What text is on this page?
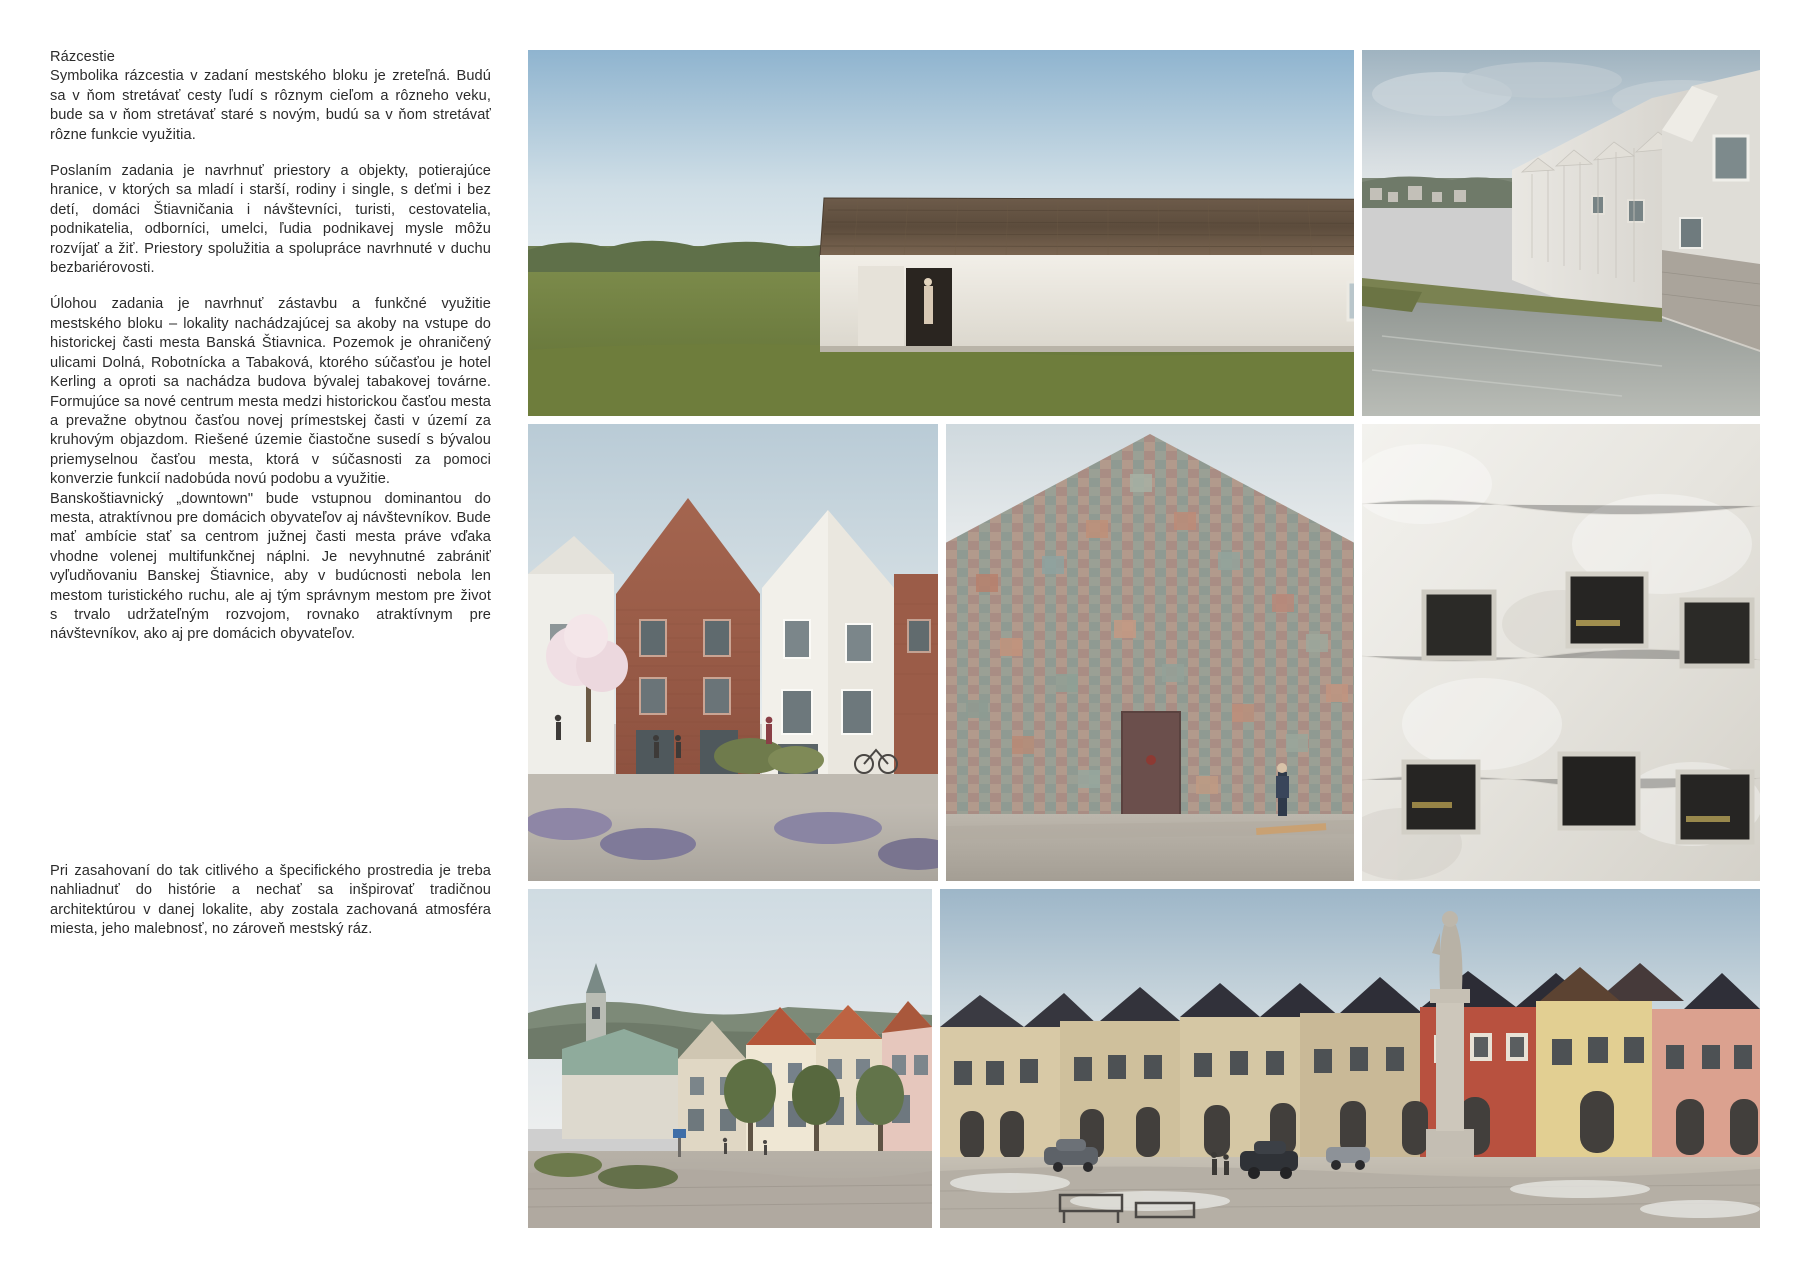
Rázcestie

Symbolika rázcestia v zadaní mestského bloku je zreteľná. Budú sa v ňom stretávať cesty ľudí s rôznym cieľom a rôzneho veku, bude sa v ňom stretávať staré s novým, budú sa v ňom stretávať rôzne funkcie využitia.

Poslaním zadania je navrhnuť priestory a objekty, potierajúce hranice, v ktorých sa mladí i starší, rodiny i single, s deťmi i bez detí, domáci Štiavničania i návštevníci, turisti, cestovatelia, podnikatelia, odborníci, umelci, ľudia podnikavej mysle môžu rozvíjať a žiť. Priestory spolužitia a spolupráce navrhnuté v duchu bezbariérovosti.

Úlohou zadania je navrhnuť zástavbu a funkčné využitie mestského bloku – lokality nachádzajúcej sa akoby na vstupe do historickej časti mesta Banská Štiavnica. Pozemok je ohraničený ulicami Dolná, Robotnícka a Tabaková, ktorého súčasťou je hotel Kerling a oproti sa nachádza budova bývalej tabakovej továrne. Formujúce sa nové centrum mesta medzi historickou časťou mesta a prevažne obytnou časťou novej prímestskej časti v území za kruhovým objazdom. Riešené územie čiastočne susedí s bývalou priemyselnou časťou mesta, ktorá v súčasnosti za pomoci konverzie funkcií nadobúda novú podobu a využitie.

Banskoštiavnický „downtown" bude vstupnou dominantou do mesta, atraktívnou pre domácich obyvateľov aj návštevníkov. Bude mať ambície stať sa centrom južnej časti mesta práve vďaka vhodne volenej multifunkčnej náplni. Je nevyhnutné zabrániť vyľudňovaniu Banskej Štiavnice, aby v budúcnosti nebola len mestom turistického ruchu, ale aj tým správnym mestom pre život s trvalo udržateľným rozvojom, rovnako atraktívnym pre návštevníkov, ako aj pre domácich obyvateľov.

Pri zasahovaní do tak citlivého a špecifického prostredia je treba nahliadnuť do histórie a nechať sa inšpirovať tradičnou architektúrou v danej lokalite, aby zostala zachovaná atmosféra miesta, jeho malebnosť, no zároveň mestský ráz.
